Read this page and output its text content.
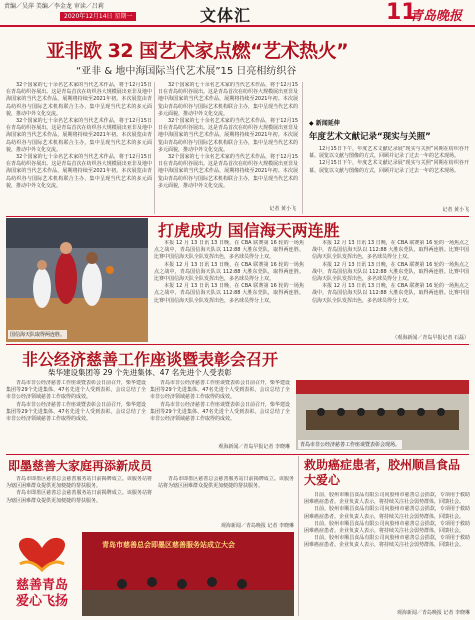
责编／吴萍 美编／李金龙 审读／吕莉
2020年12月14日 星期一	文体汇	11
青岛晚报
亚非欧 32 国艺术家点燃“艺术热火”
“亚非 & 地中海国际当代艺术展”15 日亮相纺织谷

32个国家的七十余名艺术家的当代艺术作品，将于12月15日在青岛纺织谷展出。这是青岛首次在纺织谷大规模展出亚非及地中海国家的当代艺术作品，展期将持续至2021年初。本次展览由青岛纺织谷与国际艺术机构联合主办，集中呈现当代艺术的多元面貌，推动中外文化交流。

32个国家的七十余名艺术家的当代艺术作品，将于12月15日在青岛纺织谷展出。这是青岛首次在纺织谷大规模展出亚非及地中海国家的当代艺术作品，展期将持续至2021年初。本次展览由青岛纺织谷与国际艺术机构联合主办，集中呈现当代艺术的多元面貌，推动中外文化交流。

32个国家的七十余名艺术家的当代艺术作品，将于12月15日在青岛纺织谷展出。这是青岛首次在纺织谷大规模展出亚非及地中海国家的当代艺术作品，展期将持续至2021年初。本次展览由青岛纺织谷与国际艺术机构联合主办，集中呈现当代艺术的多元面貌，推动中外文化交流。

32个国家的七十余名艺术家的当代艺术作品，将于12月15日在青岛纺织谷展出。这是青岛首次在纺织谷大规模展出亚非及地中海国家的当代艺术作品，展期将持续至2021年初。本次展览由青岛纺织谷与国际艺术机构联合主办，集中呈现当代艺术的多元面貌，推动中外文化交流。

32个国家的七十余名艺术家的当代艺术作品，将于12月15日在青岛纺织谷展出。这是青岛首次在纺织谷大规模展出亚非及地中海国家的当代艺术作品，展期将持续至2021年初。本次展览由青岛纺织谷与国际艺术机构联合主办，集中呈现当代艺术的多元面貌，推动中外文化交流。

32个国家的七十余名艺术家的当代艺术作品，将于12月15日在青岛纺织谷展出。这是青岛首次在纺织谷大规模展出亚非及地中海国家的当代艺术作品，展期将持续至2021年初。本次展览由青岛纺织谷与国际艺术机构联合主办，集中呈现当代艺术的多元面貌，推动中外文化交流。

记者 黄小飞
◆ 新闻延伸
年度艺术文献记录“现实与关照”

12月15日下午，年度艺术文献记录展“现实与关照”同期在纺织谷开幕。展览以文献与图像的方式，回顾并记录了过去一年的艺术现场。

12月15日下午，年度艺术文献记录展“现实与关照”同期在纺织谷开幕。展览以文献与图像的方式，回顾并记录了过去一年的艺术现场。

记者 黄小飞
打虎成功 国信海天两连胜
国信海天队取得两连胜。

本报 12 月 13 日讯 13 日晚，在 CBA 联赛第 16 轮的一场焦点之战中，青岛国信海天队以 112:88 大胜东莞队，取得两连胜。比赛中国信海天队全队发挥出色，多名球员得分上双。

本报 12 月 13 日讯 13 日晚，在 CBA 联赛第 16 轮的一场焦点之战中，青岛国信海天队以 112:88 大胜东莞队，取得两连胜。比赛中国信海天队全队发挥出色，多名球员得分上双。

本报 12 月 13 日讯 13 日晚，在 CBA 联赛第 16 轮的一场焦点之战中，青岛国信海天队以 112:88 大胜东莞队，取得两连胜。比赛中国信海天队全队发挥出色，多名球员得分上双。

本报 12 月 13 日讯 13 日晚，在 CBA 联赛第 16 轮的一场焦点之战中，青岛国信海天队以 112:88 大胜东莞队，取得两连胜。比赛中国信海天队全队发挥出色，多名球员得分上双。

本报 12 月 13 日讯 13 日晚，在 CBA 联赛第 16 轮的一场焦点之战中，青岛国信海天队以 112:88 大胜东莞队，取得两连胜。比赛中国信海天队全队发挥出色，多名球员得分上双。

本报 12 月 13 日讯 13 日晚，在 CBA 联赛第 16 轮的一场焦点之战中，青岛国信海天队以 112:88 大胜东莞队，取得两连胜。比赛中国信海天队全队发挥出色，多名球员得分上双。

（观海新闻／青岛早报记者 石磊）
非公经济慈善工作座谈暨表彰会召开
柴华建设集团等 29 个先进集体、47 名先进个人受表彰

青岛市非公经济慈善工作座谈暨表彰会日前召开，柴华建设集团等29个先进集体、47名先进个人受到表彰。会议总结了全市非公经济领域慈善工作取得的成效。

青岛市非公经济慈善工作座谈暨表彰会日前召开，柴华建设集团等29个先进集体、47名先进个人受到表彰。会议总结了全市非公经济领域慈善工作取得的成效。

青岛市非公经济慈善工作座谈暨表彰会日前召开，柴华建设集团等29个先进集体、47名先进个人受到表彰。会议总结了全市非公经济领域慈善工作取得的成效。

青岛市非公经济慈善工作座谈暨表彰会日前召开，柴华建设集团等29个先进集体、47名先进个人受到表彰。会议总结了全市非公经济领域慈善工作取得的成效。

观海新闻／青岛早报记者 李晓琳	青岛市非公经济慈善工作座谈暨表彰会现场。
即墨慈善大家庭再添新成员

青岛市即墨区慈善总会慈善服务站日前揭牌成立。该服务站将为辖区困难群众提供更加便捷的帮扶服务。

青岛市即墨区慈善总会慈善服务站日前揭牌成立。该服务站将为辖区困难群众提供更加便捷的帮扶服务。

青岛市即墨区慈善总会慈善服务站日前揭牌成立。该服务站将为辖区困难群众提供更加便捷的帮扶服务。

观海新闻／青岛晚报 记者 李晓琳
青岛市慈善总会即墨区慈善服务站成立大会
慈善青岛
爱心飞扬
救助癌症患者，胶州顺昌食品大爱心

日前，胶州市顺昌食品有限公司向胶州市慈善总会捐款，专项用于救助困难癌症患者。企业负责人表示，将持续关注社会弱势群体，回馈社会。

日前，胶州市顺昌食品有限公司向胶州市慈善总会捐款，专项用于救助困难癌症患者。企业负责人表示，将持续关注社会弱势群体，回馈社会。

日前，胶州市顺昌食品有限公司向胶州市慈善总会捐款，专项用于救助困难癌症患者。企业负责人表示，将持续关注社会弱势群体，回馈社会。

日前，胶州市顺昌食品有限公司向胶州市慈善总会捐款，专项用于救助困难癌症患者。企业负责人表示，将持续关注社会弱势群体，回馈社会。

观海新闻／青岛晚报 记者 李晓琳
